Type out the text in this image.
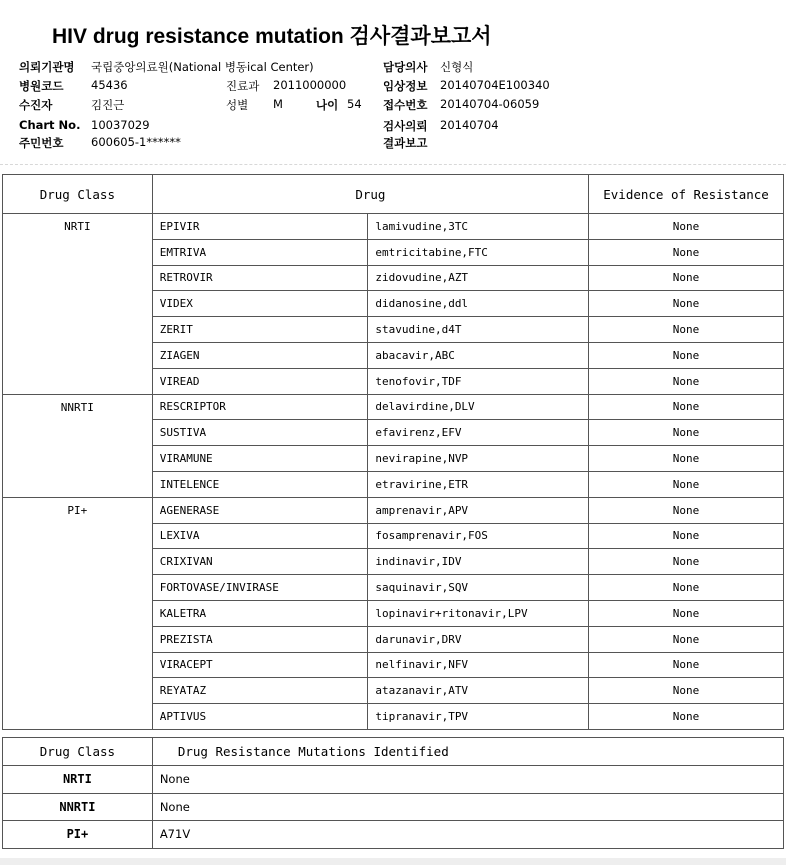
HIV drug resistance mutation 검사결과보고서
의뢰기관명 국립중앙의료원(National 병동ical Center)	담당의사 신형식
병원코드 45436	진료과 2011000000	임상정보 20140704E100340
수진자	김진근	성별 M	나이 54 접수번호 20140704-06059
Chart No. 10037029	검사의뢰 20140704
주민번호 600605-1******	결과보고
Drug Class	Drug		Evidence of Resistance
NRTI	EPIVIR	lamivudine,3TC	None
	EMTRIVA	emtricitabine,FTC	None
	RETROVIR	zidovudine,AZT	None
	VIDEX	didanosine,ddl	None
	ZERIT	stavudine,d4T	None
	ZIAGEN	abacavir,ABC	None
	VIREAD	tenofovir,TDF	None
NNRTI	RESCRIPTOR	delavirdine,DLV	None
	SUSTIVA	efavirenz,EFV	None
	VIRAMUNE	nevirapine,NVP	None
	INTELENCE	etravirine,ETR	None
PI+	AGENERASE	amprenavir,APV	None
	LEXIVA	fosamprenavir,FOS	None
	CRIXIVAN	indinavir,IDV	None
	FORTOVASE/INVIRASE	saquinavir,SQV	None
	KALETRA	lopinavir+ritonavir,LPV	None
	PREZISTA	darunavir,DRV	None
	VIRACEPT	nelfinavir,NFV	None
	REYATAZ	atazanavir,ATV	None
	APTIVUS	tipranavir,TPV	None
Drug Class	Drug Resistance Mutations Identified
NRTI	None
NNRTI	None
PI+	A71V
